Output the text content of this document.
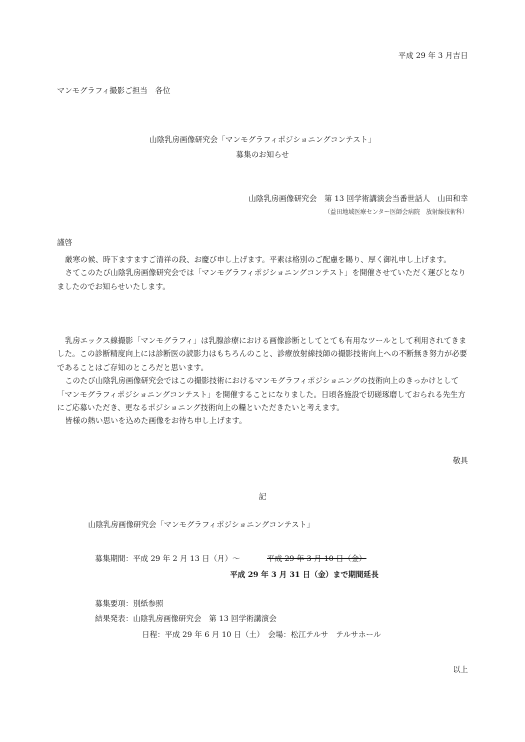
平成 29 年 3 月吉日
マンモグラフィ撮影ご担当　各位
山陰乳房画像研究会「マンモグラフィポジショニングコンテスト」
募集のお知らせ
山陰乳房画像研究会　第 13 回学術講演会当番世話人　山田和幸
（益田地域医療センター医師会病院　放射線技術科）
謹啓

厳寒の候、時下ますますご清祥の段、お慶び申し上げます。平素は格別のご配慮を賜り、厚く御礼申し上げます。

さてこのたび山陰乳房画像研究会では「マンモグラフィポジショニングコンテスト」を開催させていただく運びとなりましたのでお知らせいたします。

乳房エックス線撮影「マンモグラフィ」は乳腺診療における画像診断としてとても有用なツールとして利用されてきました。この診断精度向上には診断医の読影力はもちろんのこと、診療放射線技師の撮影技術向上への不断無き努力が必要であることはご存知のところだと思います。

このたび山陰乳房画像研究会ではこの撮影技術におけるマンモグラフィポジショニングの技術向上のきっかけとして「マンモグラフィポジショニングコンテスト」を開催することになりました。日頃各施設で切磋琢磨しておられる先生方にご応募いただき、更なるポジショニング技術向上の糧といただきたいと考えます。

皆様の熱い思いを込めた画像をお待ち申し上げます。

敬具
記
山陰乳房画像研究会「マンモグラフィポジショニングコンテスト」
募集期間：平成 29 年 2 月 13 日（月）～	平成 29 年 3 月 10 日（金）
平成 29 年 3 月 31 日（金）まで期間延長
募集要項：別紙参照
結果発表：山陰乳房画像研究会　第 13 回学術講演会
日程：平成 29 年 6 月 10 日（土）　会場：松江テルサ　テルサホール
以上
